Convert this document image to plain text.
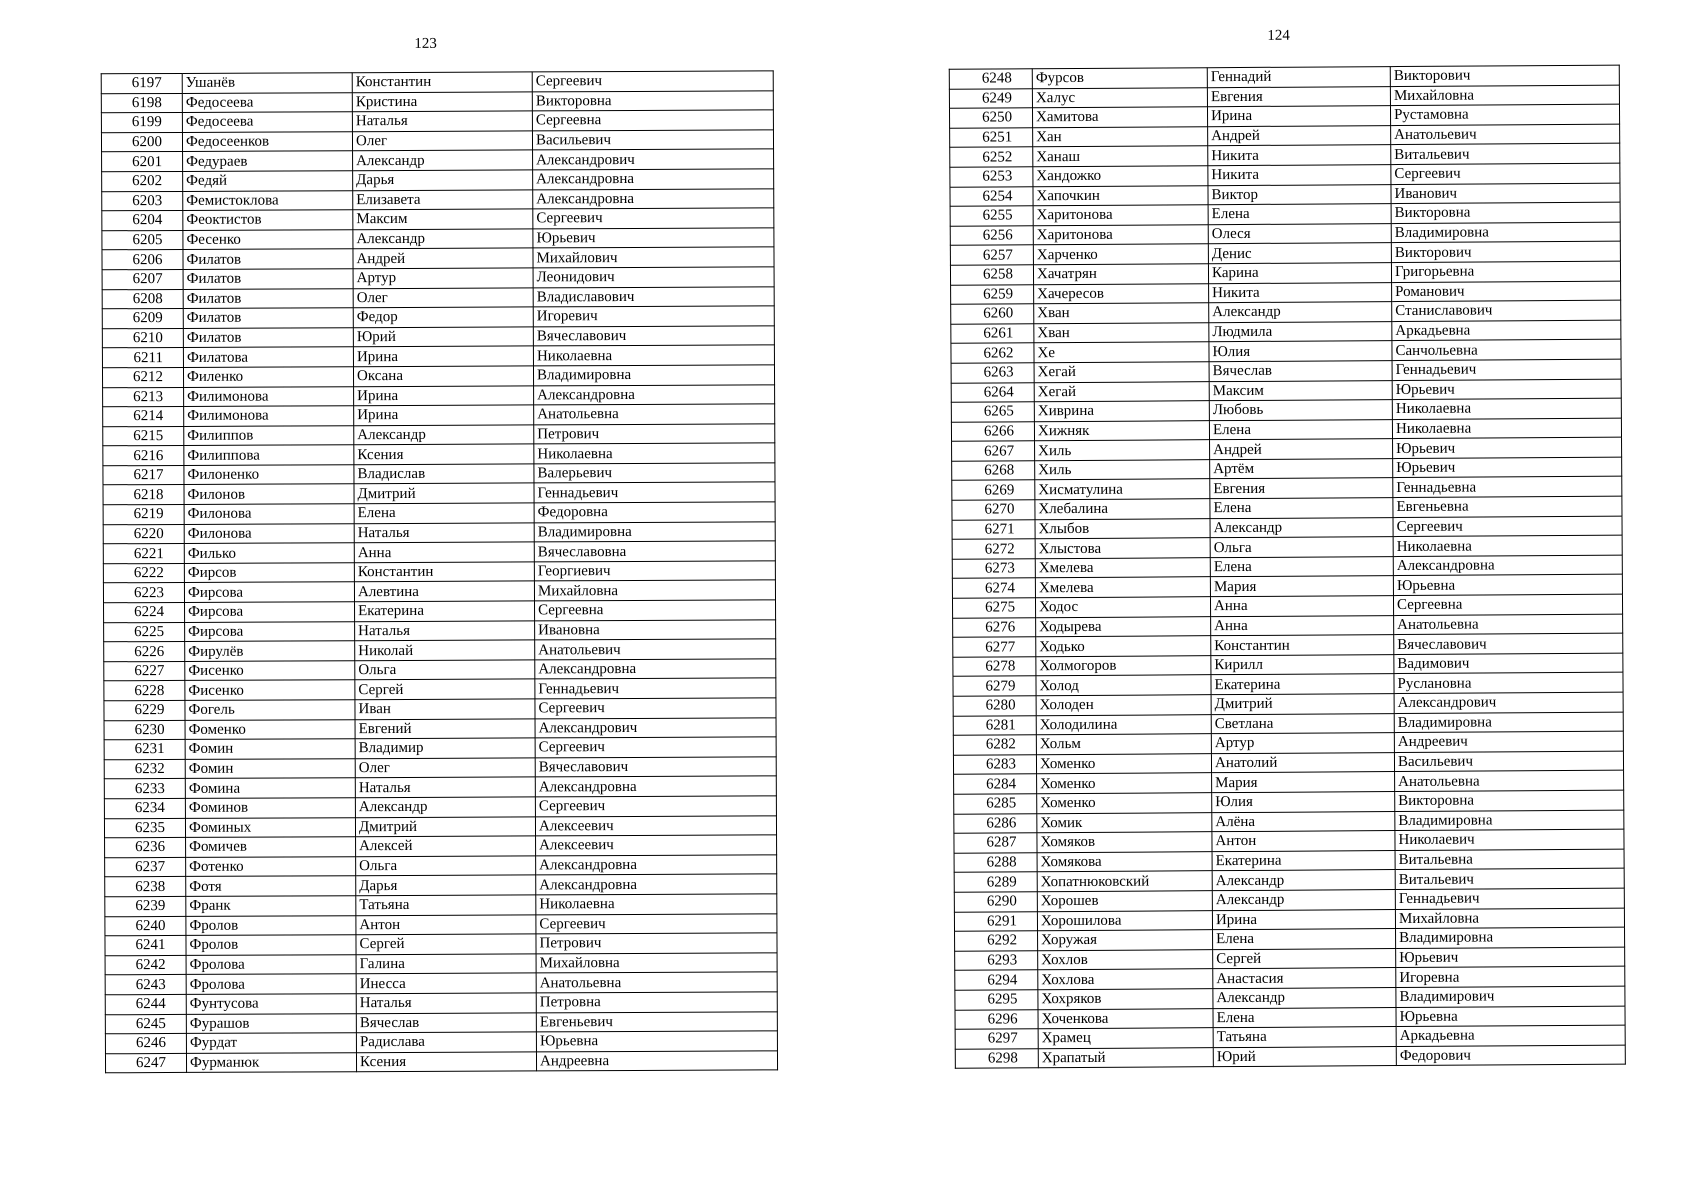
123
6197	Ушанёв	Константин	Сергеевич
6198	Федосеева	Кристина	Викторовна
6199	Федосеева	Наталья	Сергеевна
6200	Федосеенков	Олег	Васильевич
6201	Федураев	Александр	Александрович
6202	Федяй	Дарья	Александровна
6203	Фемистоклова	Елизавета	Александровна
6204	Феоктистов	Максим	Сергеевич
6205	Фесенко	Александр	Юрьевич
6206	Филатов	Андрей	Михайлович
6207	Филатов	Артур	Леонидович
6208	Филатов	Олег	Владиславович
6209	Филатов	Федор	Игоревич
6210	Филатов	Юрий	Вячеславович
6211	Филатова	Ирина	Николаевна
6212	Филенко	Оксана	Владимировна
6213	Филимонова	Ирина	Александровна
6214	Филимонова	Ирина	Анатольевна
6215	Филиппов	Александр	Петрович
6216	Филиппова	Ксения	Николаевна
6217	Филоненко	Владислав	Валерьевич
6218	Филонов	Дмитрий	Геннадьевич
6219	Филонова	Елена	Федоровна
6220	Филонова	Наталья	Владимировна
6221	Филько	Анна	Вячеславовна
6222	Фирсов	Константин	Георгиевич
6223	Фирсова	Алевтина	Михайловна
6224	Фирсова	Екатерина	Сергеевна
6225	Фирсова	Наталья	Ивановна
6226	Фирулёв	Николай	Анатольевич
6227	Фисенко	Ольга	Александровна
6228	Фисенко	Сергей	Геннадьевич
6229	Фогель	Иван	Сергеевич
6230	Фоменко	Евгений	Александрович
6231	Фомин	Владимир	Сергеевич
6232	Фомин	Олег	Вячеславович
6233	Фомина	Наталья	Александровна
6234	Фоминов	Александр	Сергеевич
6235	Фоминых	Дмитрий	Алексеевич
6236	Фомичев	Алексей	Алексеевич
6237	Фотенко	Ольга	Александровна
6238	Фотя	Дарья	Александровна
6239	Франк	Татьяна	Николаевна
6240	Фролов	Антон	Сергеевич
6241	Фролов	Сергей	Петрович
6242	Фролова	Галина	Михайловна
6243	Фролова	Инесса	Анатольевна
6244	Фунтусова	Наталья	Петровна
6245	Фурашов	Вячеслав	Евгеньевич
6246	Фурдат	Радислава	Юрьевна
6247	Фурманюк	Ксения	Андреевна
124
6248	Фурсов	Геннадий	Викторович
6249	Халус	Евгения	Михайловна
6250	Хамитова	Ирина	Рустамовна
6251	Хан	Андрей	Анатольевич
6252	Ханаш	Никита	Витальевич
6253	Хандожко	Никита	Сергеевич
6254	Хапочкин	Виктор	Иванович
6255	Харитонова	Елена	Викторовна
6256	Харитонова	Олеся	Владимировна
6257	Харченко	Денис	Викторович
6258	Хачатрян	Карина	Григорьевна
6259	Хачересов	Никита	Романович
6260	Хван	Александр	Станиславович
6261	Хван	Людмила	Аркадьевна
6262	Хе	Юлия	Санчольевна
6263	Хегай	Вячеслав	Геннадьевич
6264	Хегай	Максим	Юрьевич
6265	Хиврина	Любовь	Николаевна
6266	Хижняк	Елена	Николаевна
6267	Хиль	Андрей	Юрьевич
6268	Хиль	Артём	Юрьевич
6269	Хисматулина	Евгения	Геннадьевна
6270	Хлебалина	Елена	Евгеньевна
6271	Хлыбов	Александр	Сергеевич
6272	Хлыстова	Ольга	Николаевна
6273	Хмелева	Елена	Александровна
6274	Хмелева	Мария	Юрьевна
6275	Ходос	Анна	Сергеевна
6276	Ходырева	Анна	Анатольевна
6277	Ходько	Константин	Вячеславович
6278	Холмогоров	Кирилл	Вадимович
6279	Холод	Екатерина	Руслановна
6280	Холоден	Дмитрий	Александрович
6281	Холодилина	Светлана	Владимировна
6282	Хольм	Артур	Андреевич
6283	Хоменко	Анатолий	Васильевич
6284	Хоменко	Мария	Анатольевна
6285	Хоменко	Юлия	Викторовна
6286	Хомик	Алёна	Владимировна
6287	Хомяков	Антон	Николаевич
6288	Хомякова	Екатерина	Витальевна
6289	Хопатнюковский	Александр	Витальевич
6290	Хорошев	Александр	Геннадьевич
6291	Хорошилова	Ирина	Михайловна
6292	Хоружая	Елена	Владимировна
6293	Хохлов	Сергей	Юрьевич
6294	Хохлова	Анастасия	Игоревна
6295	Хохряков	Александр	Владимирович
6296	Хоченкова	Елена	Юрьевна
6297	Храмец	Татьяна	Аркадьевна
6298	Храпатый	Юрий	Федорович
